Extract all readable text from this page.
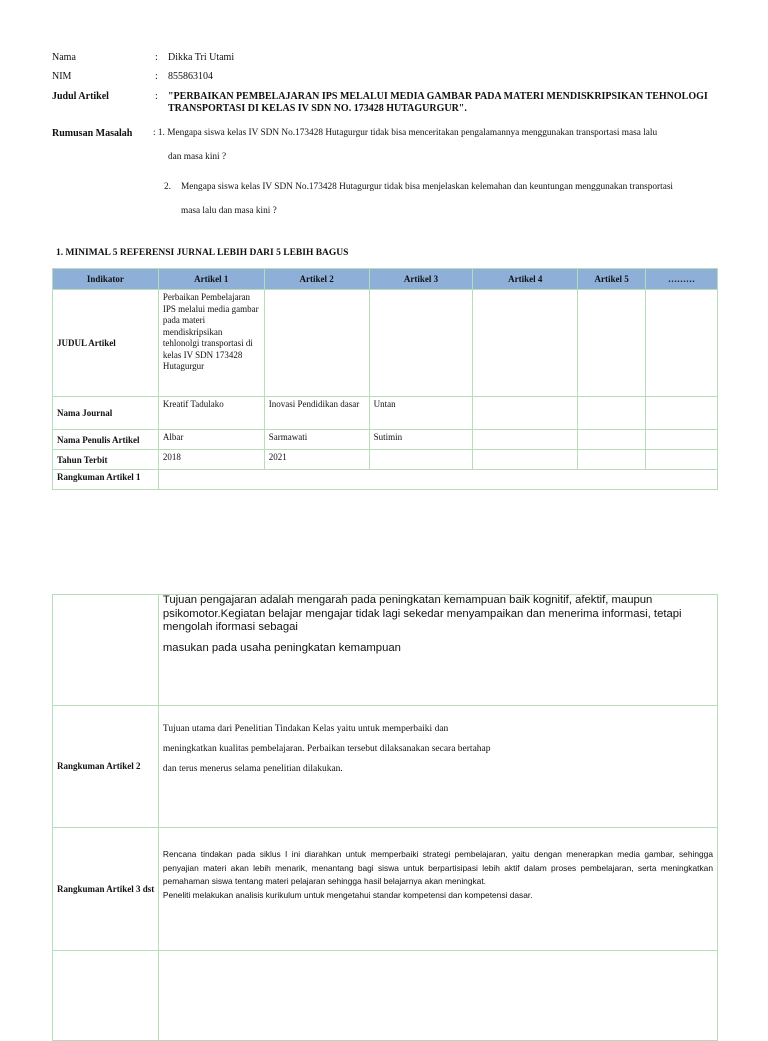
Nama	: Dikka Tri Utami
NIM	: 855863104
Judul Artikel	: "PERBAIKAN PEMBELAJARAN IPS MELALUI MEDIA GAMBAR PADA MATERI MENDISKRIPSIKAN TEHNOLOGI TRANSPORTASI DI KELAS IV SDN NO. 173428 HUTAGURGUR".
Rumusan Masalah : 1. Mengapa siswa kelas IV SDN No.173428 Hutagurgur tidak bisa menceritakan pengalamannya menggunakan transportasi masa lalu
dan masa kini ?
2. Mengapa siswa kelas IV SDN No.173428 Hutagurgur tidak bisa menjelaskan kelemahan dan keuntungan menggunakan transportasi
masa lalu dan masa kini ?
1. MINIMAL 5 REFERENSI JURNAL LEBIH DARI 5 LEBIH BAGUS
Indikator	Artikel 1	Artikel 2	Artikel 3	Artikel 4	Artikel 5	………
JUDUL Artikel	Perbaikan Pembelajaran IPS melalui media gambar pada materi mendiskripsikan tehlonolgi transportasi di kelas IV SDN 173428 Hutagurgur					
Nama Journal	Kreatif Tadulako	Inovasi Pendidikan dasar	Untan			
Nama Penulis Artikel	Albar	Sarmawati	Sutimin			
Tahun Terbit	2018	2021				
Rangkuman Artikel 1						

	Tujuan pengajaran adalah mengarah pada peningkatan kemampuan baik kognitif, afektif, maupun psikomotor.Kegiatan belajar mengajar tidak lagi sekedar menyampaikan dan menerima informasi, tetapi mengolah iformasi sebagai
masukan pada usaha peningkatan kemampuan

Rangkuman Artikel 2	Tujuan utama dari Penelitian Tindakan Kelas yaitu untuk memperbaiki dan
meningkatkan kualitas pembelajaran. Perbaikan tersebut dilaksanakan secara bertahap
dan terus menerus selama penelitian dilakukan.

Rangkuman Artikel 3 dst	Rencana tindakan pada siklus I ini diarahkan untuk memperbaiki strategi pembelajaran, yaitu dengan menerapkan media gambar, sehingga penyajian materi akan lebih menarik, menantang bagi siswa untuk berpartisipasi lebih aktif dalam proses pembelajaran, serta meningkatkan pemahaman siswa tentang materi pelajaran sehingga hasil belajarnya akan meningkat.
Peneliti melakukan analisis kurikulum untuk mengetahui standar kompetensi dan kompetensi dasar.
